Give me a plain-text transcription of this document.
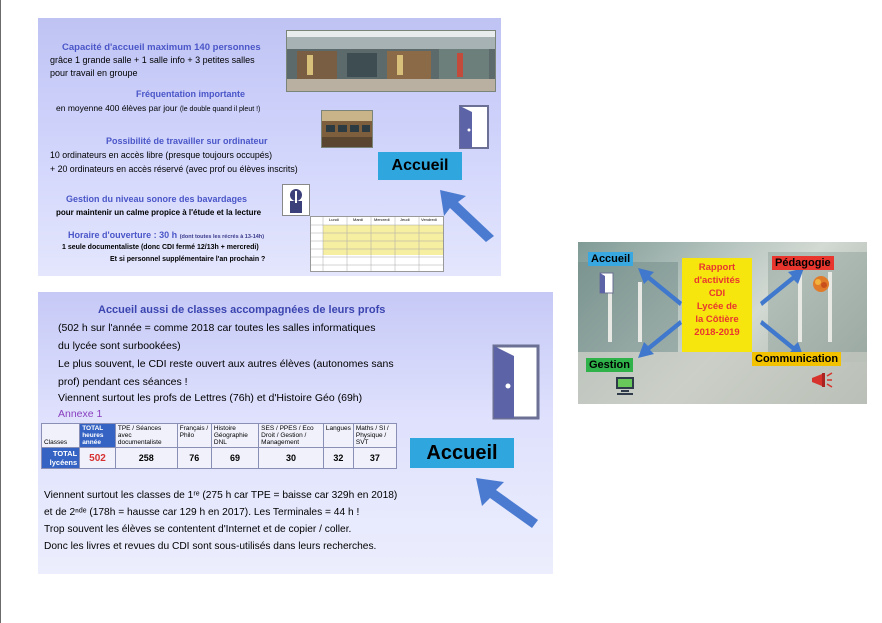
Capacité d'accueil maximum 140 personnes
grâce 1 grande salle + 1 salle info + 3 petites salles
pour travail en groupe
Fréquentation importante
en moyenne 400 élèves par jour (le double quand il pleut !)
Possibilité de travailler sur ordinateur
10 ordinateurs en accès libre (presque toujours occupés)
+ 20 ordinateurs en accès réservé (avec prof ou élèves inscrits)	Accueil
Gestion du niveau sonore des bavardages
pour maintenir un calme propice à l'étude et la lecture
Horaire d'ouverture : 30 h (dont toutes les récrés à 13-14h)
1 seule documentaliste (donc CDI fermé 12/13h + mercredi)
Et si personnel supplémentaire l'an prochain ?
Lundi	Mardi	Mercredi	Jeudi	Vendredi
Accueil aussi de classes accompagnées de leurs profs
(502 h sur l'année = comme 2018 car toutes les salles informatiques
du lycée sont surbookées)
Le plus souvent, le CDI reste ouvert aux autres élèves (autonomes sans
prof) pendant ces séances !
Viennent surtout les profs de Lettres (76h) et d'Histoire Géo (69h)
Annexe 1
Classes	TOTAL heures année	TPE / Séances avec documentaliste	Français / Philo	Histoire Géographie DNL	SES / PPES / Eco Droit / Gestion / Management	Langues	Maths / SI / Physique / SVT
TOTAL lycéens	502	258	76	69	30	32	37	Accueil
Viennent surtout les classes de 1ʳᵉ (275 h car TPE = baisse car 329h en 2018)
et de 2ⁿᵈᵉ (178h = hausse car 129 h en 2017). Les Terminales = 44 h !
Trop souvent les élèves se contentent d'Internet et de copier / coller.
Donc les livres et revues du CDI sont sous-utilisés dans leurs recherches.
Accueil	Pédagogie
Gestion	Communication
Rapport
d'activités
CDI
Lycée de
la Côtière
2018-2019
